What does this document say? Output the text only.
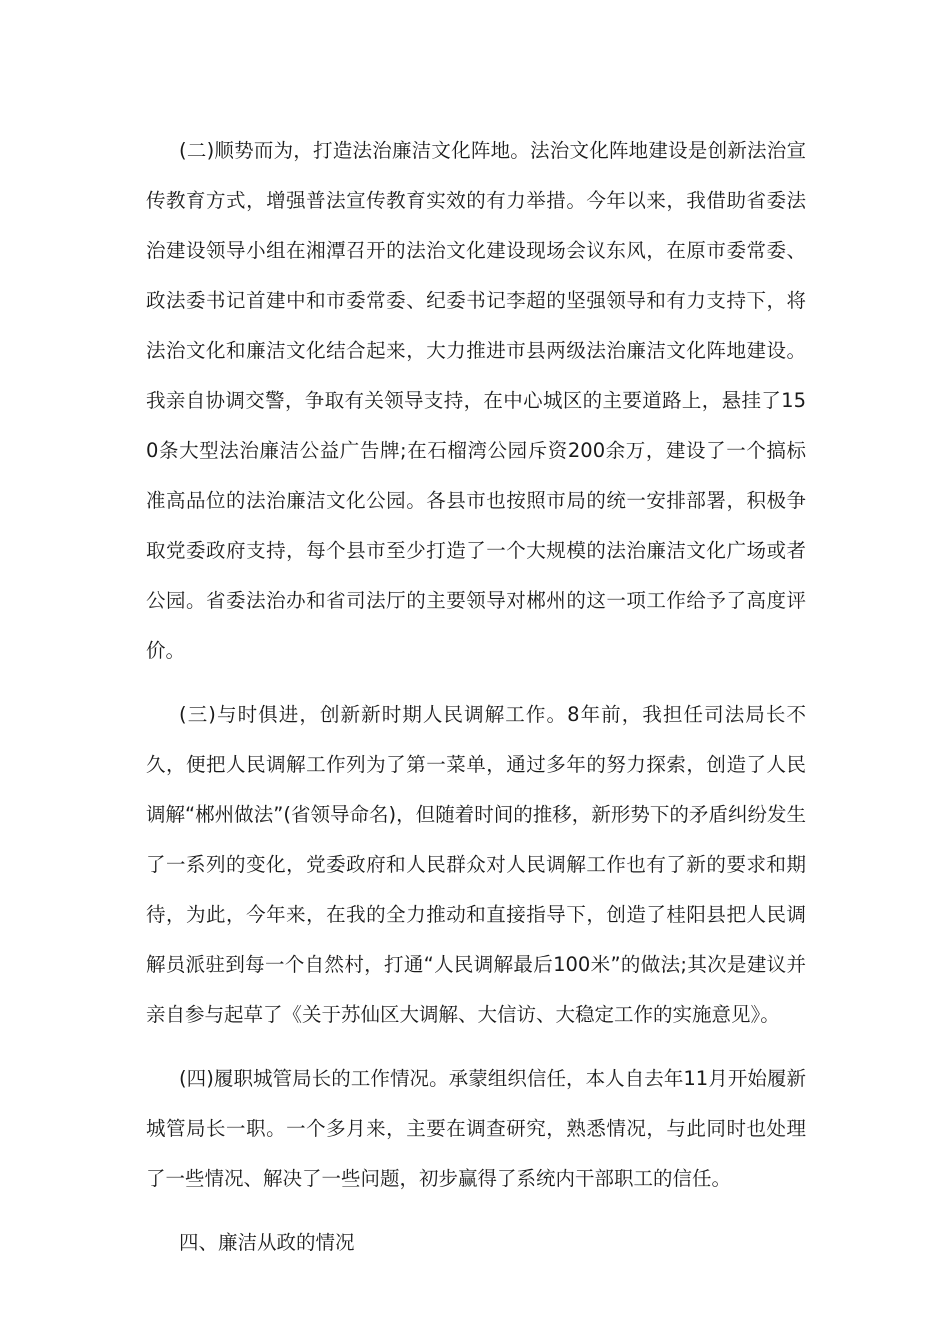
(二)顺势而为，打造法治廉洁文化阵地。法治文化阵地建设是创新法治宣传教育方式，增强普法宣传教育实效的有力举措。今年以来，我借助省委法治建设领导小组在湘潭召开的法治文化建设现场会议东风，在原市委常委、政法委书记首建中和市委常委、纪委书记李超的坚强领导和有力支持下，将法治文化和廉洁文化结合起来，大力推进市县两级法治廉洁文化阵地建设。我亲自协调交警，争取有关领导支持，在中心城区的主要道路上，悬挂了150条大型法治廉洁公益广告牌;在石榴湾公园斥资200余万，建设了一个搞标准高品位的法治廉洁文化公园。各县市也按照市局的统一安排部署，积极争取党委政府支持，每个县市至少打造了一个大规模的法治廉洁文化广场或者公园。省委法治办和省司法厅的主要领导对郴州的这一项工作给予了高度评价。

(三)与时俱进，创新新时期人民调解工作。8年前，我担任司法局长不久，便把人民调解工作列为了第一菜单，通过多年的努力探索，创造了人民调解“郴州做法”(省领导命名)，但随着时间的推移，新形势下的矛盾纠纷发生了一系列的变化，党委政府和人民群众对人民调解工作也有了新的要求和期待，为此，今年来，在我的全力推动和直接指导下，创造了桂阳县把人民调解员派驻到每一个自然村，打通“人民调解最后100米”的做法;其次是建议并亲自参与起草了《关于苏仙区大调解、大信访、大稳定工作的实施意见》。

(四)履职城管局长的工作情况。承蒙组织信任，本人自去年11月开始履新城管局长一职。一个多月来，主要在调查研究，熟悉情况，与此同时也处理了一些情况、解决了一些问题，初步赢得了系统内干部职工的信任。

四、廉洁从政的情况
